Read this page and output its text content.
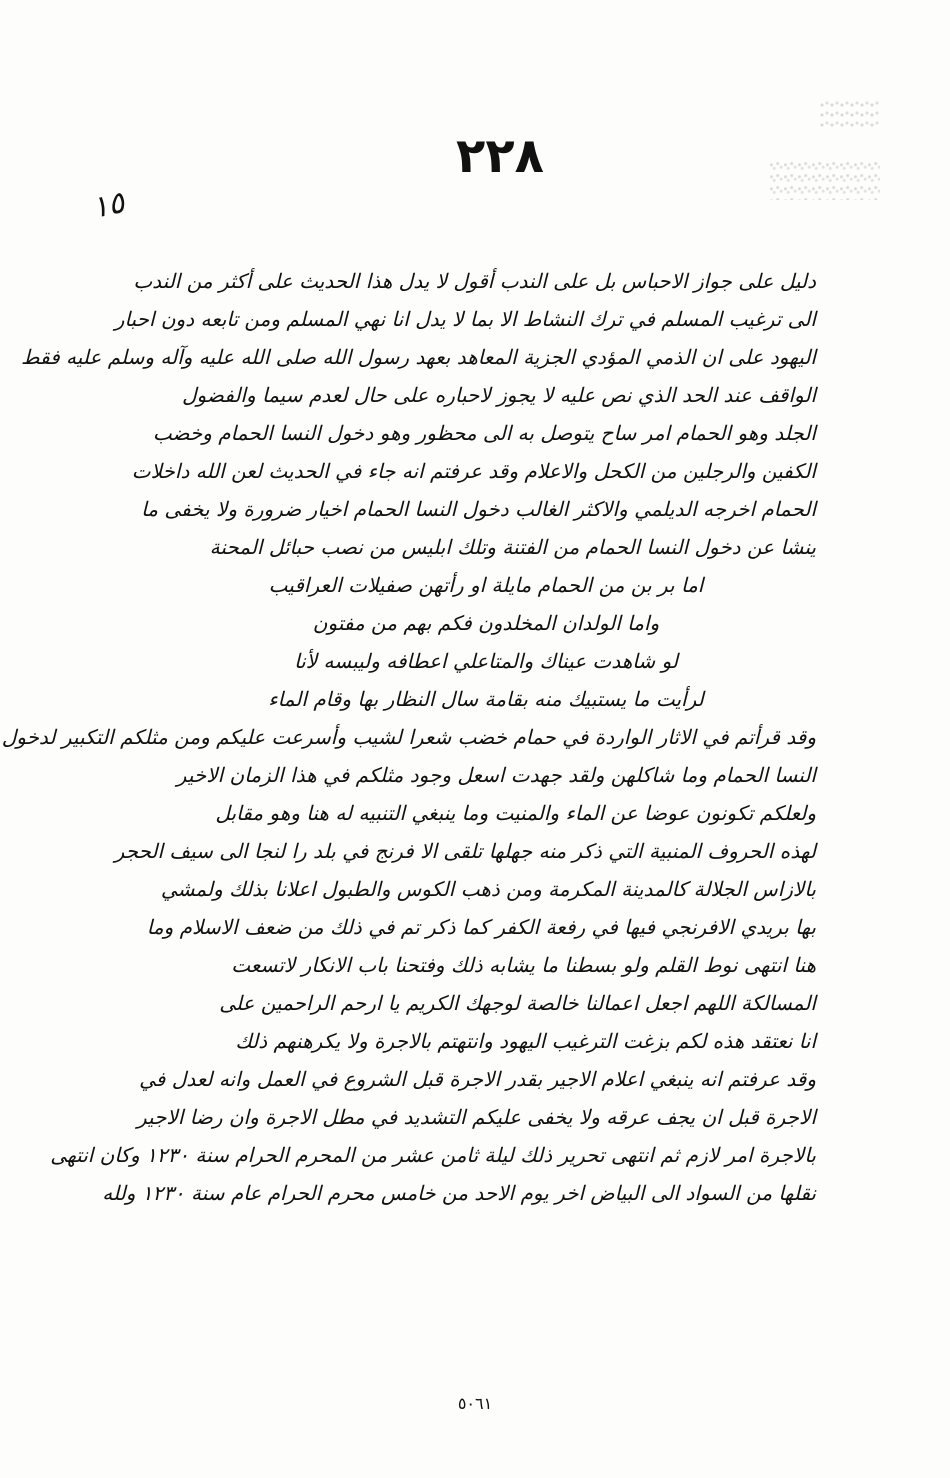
٢٢٨
١٥
دليل على جواز الاحباس بل على الندب أقول لا يدل هذا الحديث على أكثر من الندب
الى ترغيب المسلم في ترك النشاط الا بما لا يدل انا نهي المسلم ومن تابعه دون احبار
اليهود على ان الذمي المؤدي الجزية المعاهد بعهد رسول الله صلى الله عليه وآله وسلم عليه فقط
الواقف عند الحد الذي نص عليه لا يجوز لاحباره على حال لعدم سيما والفضول
الجلد وهو الحمام امر ساح يتوصل به الى محظور وهو دخول النسا الحمام وخضب
الكفين والرجلين من الكحل والاعلام وقد عرفتم انه جاء في الحديث لعن الله داخلات
الحمام اخرجه الديلمي والاكثر الغالب دخول النسا الحمام اخيار ضرورة ولا يخفى ما
ينشا عن دخول النسا الحمام من الفتنة وتلك ابليس من نصب حبائل المحنة
اما بر بن من الحمام مايلة او رأتهن صفيلات العراقيب
واما الولدان المخلدون فكم بهم من مفتون
لو شاهدت عيناك والمتاعلي اعطافه وليبسه لأنا
لرأيت ما يستبيك منه بقامة سال النظار بها وقام الماء
وقد قرأتم في الاثار الواردة في حمام خضب شعرا لشيب وأسرعت عليكم ومن مثلكم التكبير لدخول
النسا الحمام وما شاكلهن ولقد جهدت اسعل وجود مثلكم في هذا الزمان الاخير
ولعلكم تكونون عوضا عن الماء والمنيت وما ينبغي التنبيه له هنا وهو مقابل
لهذه الحروف المنبية التي ذكر منه جهلها تلقى الا فرنج في بلد را لنجا الى سيف الحجر
بالازاس الجلالة كالمدينة المكرمة ومن ذهب الكوس والطبول اعلانا بذلك ولمشي
بها بريدي الافرنجي فيها في رفعة الكفر كما ذكر تم في ذلك من ضعف الاسلام وما
هنا انتهى نوط القلم ولو بسطنا ما يشابه ذلك وفتحنا باب الانكار لاتسعت
المسالكة اللهم اجعل اعمالنا خالصة لوجهك الكريم يا ارحم الراحمين على
انا نعتقد هذه لكم بزغت الترغيب اليهود وانتهتم بالاجرة ولا يكرهنهم ذلك
وقد عرفتم انه ينبغي اعلام الاجير بقدر الاجرة قبل الشروع في العمل وانه لعدل في
الاجرة قبل ان يجف عرقه ولا يخفى عليكم التشديد في مطل الاجرة وان رضا الاجير
بالاجرة امر لازم ثم انتهى تحرير ذلك ليلة ثامن عشر من المحرم الحرام سنة ١٢٣٠ وكان انتهى
نقلها من السواد الى البياض اخر يوم الاحد من خامس محرم الحرام عام سنة ١٢٣٠ ولله
٥٠٦١
